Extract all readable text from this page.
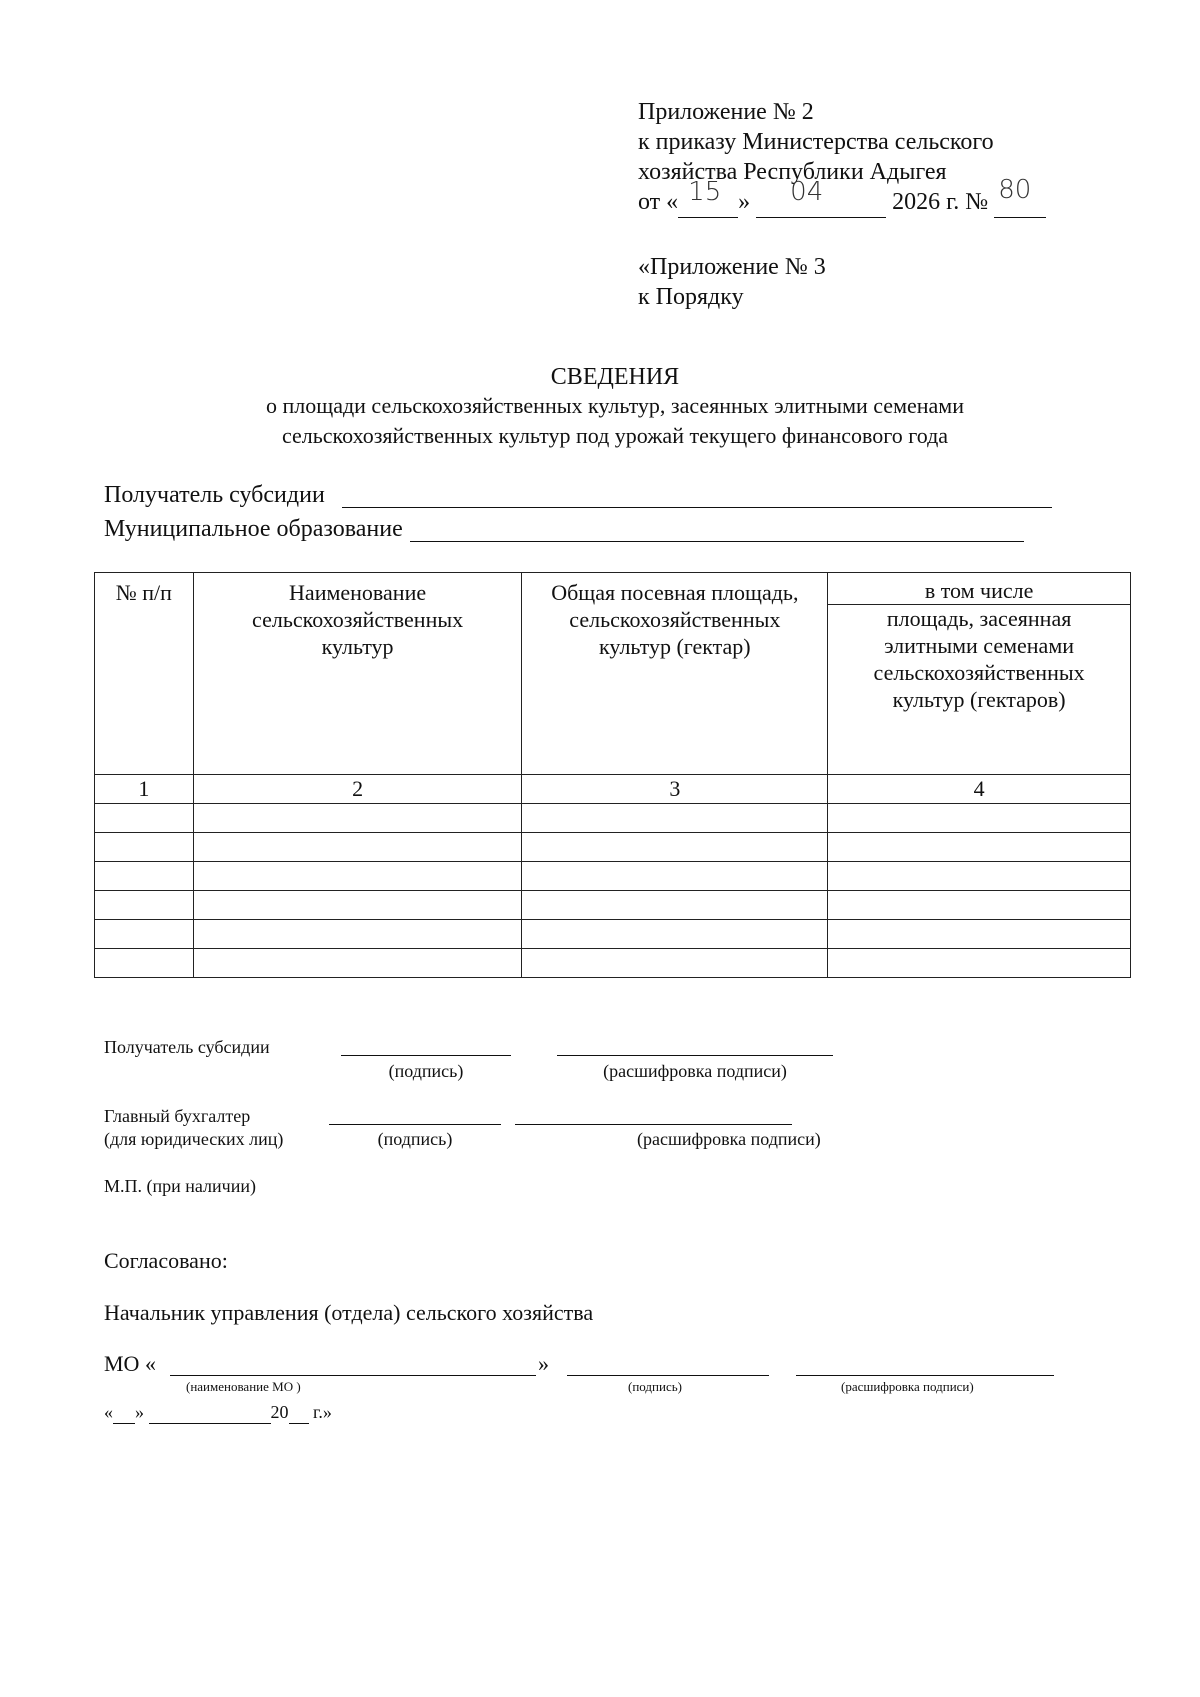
Приложение № 2
к приказу Министерства сельского
хозяйства Республики Адыгея
от « 15 » 04	2026 г. № 80

«Приложение № 3
к Порядку
СВЕДЕНИЯ
о площади сельскохозяйственных культур, засеянных элитными семенами
сельскохозяйственных культур под урожай текущего финансового года
Получатель субсидии
Муниципальное образование
№ п/п	Наименование сельскохозяйственных культур	Общая посевная площадь, сельскохозяйственных культур (гектар)	в том числе
			площадь, засеянная элитными семенами сельскохозяйственных культур (гектаров)
1	2	3	4

Получатель субсидии
(подпись)	(расшифровка подписи)
Главный бухгалтер
(для юридических лиц)	(подпись)	(расшифровка подписи)
М.П. (при наличии)
Согласовано:
Начальник управления (отдела) сельского хозяйства
МО «	»
(наименование МО )	(подпись)	(расшифровка подписи)
« »	20 г.»
